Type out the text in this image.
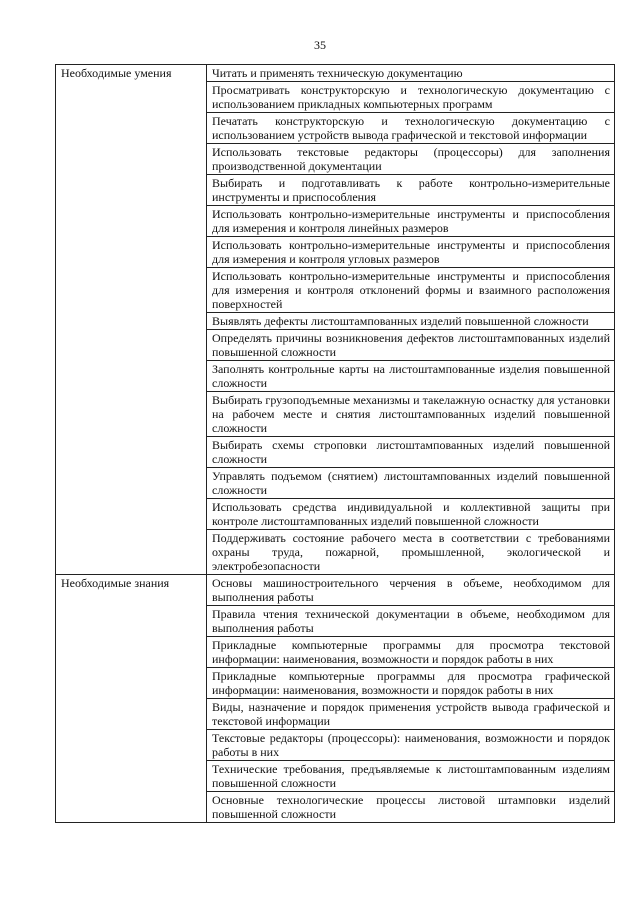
35
Необходимые умения	Читать и применять техническую документацию
	Просматривать конструкторскую и технологическую документацию с использованием прикладных компьютерных программ
	Печатать конструкторскую и технологическую документацию с использованием устройств вывода графической и текстовой информации
	Использовать текстовые редакторы (процессоры) для заполнения производственной документации
	Выбирать и подготавливать к работе контрольно-измерительные инструменты и приспособления
	Использовать контрольно-измерительные инструменты и приспособления для измерения и контроля линейных размеров
	Использовать контрольно-измерительные инструменты и приспособления для измерения и контроля угловых размеров
	Использовать контрольно-измерительные инструменты и приспособления для измерения и контроля отклонений формы и взаимного расположения поверхностей
	Выявлять дефекты листоштампованных изделий повышенной сложности
	Определять причины возникновения дефектов листоштампованных изделий повышенной сложности
	Заполнять контрольные карты на листоштампованные изделия повышенной сложности
	Выбирать грузоподъемные механизмы и такелажную оснастку для установки на рабочем месте и снятия листоштампованных изделий повышенной сложности
	Выбирать схемы строповки листоштампованных изделий повышенной сложности
	Управлять подъемом (снятием) листоштампованных изделий повышенной сложности
	Использовать средства индивидуальной и коллективной защиты при контроле листоштампованных изделий повышенной сложности
	Поддерживать состояние рабочего места в соответствии с требованиями охраны труда, пожарной, промышленной, экологической и электробезопасности
Необходимые знания	Основы машиностроительного черчения в объеме, необходимом для выполнения работы
	Правила чтения технической документации в объеме, необходимом для выполнения работы
	Прикладные компьютерные программы для просмотра текстовой информации: наименования, возможности и порядок работы в них
	Прикладные компьютерные программы для просмотра графической информации: наименования, возможности и порядок работы в них
	Виды, назначение и порядок применения устройств вывода графической и текстовой информации
	Текстовые редакторы (процессоры): наименования, возможности и порядок работы в них
	Технические требования, предъявляемые к листоштампованным изделиям повышенной сложности
	Основные технологические процессы листовой штамповки изделий повышенной сложности
